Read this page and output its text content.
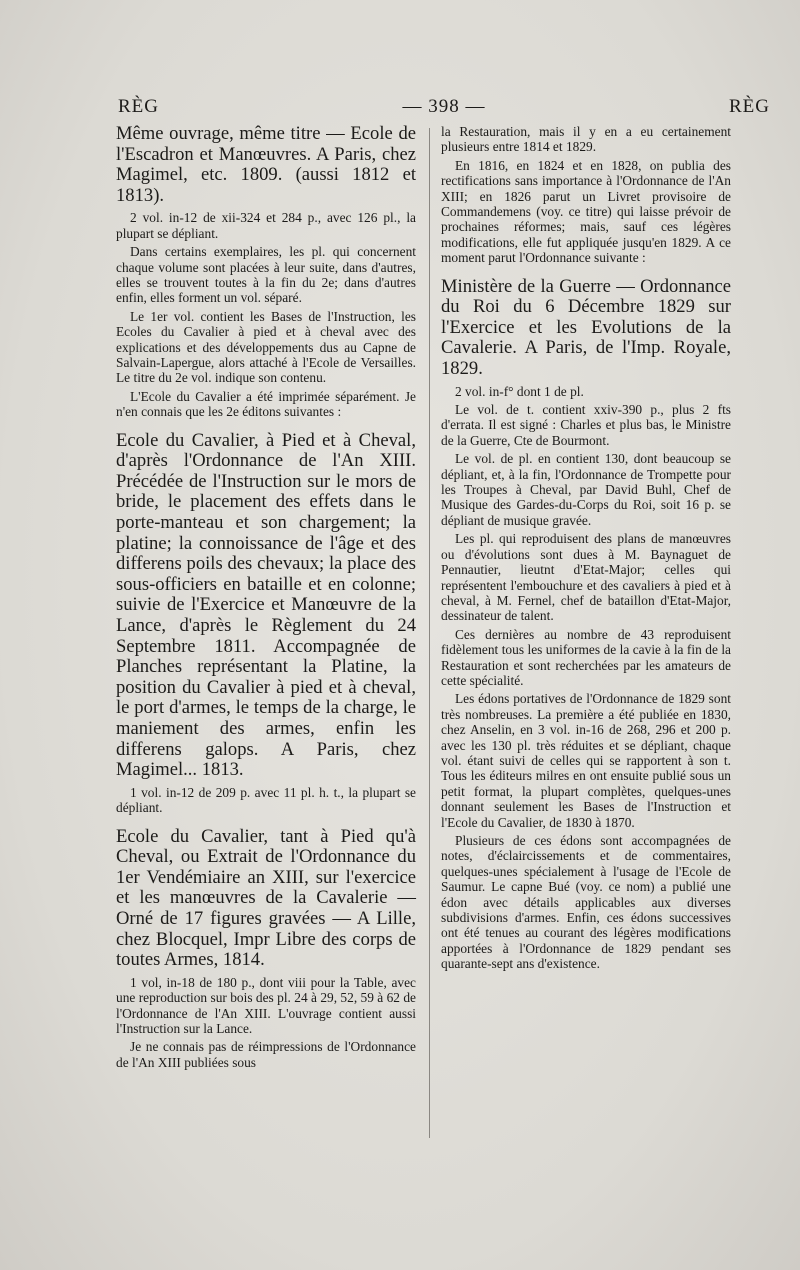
RÈG	— 398 —	RÈG

Même ouvrage, même titre — Ecole de l'Escadron et Manœuvres. A Paris, chez Magimel, etc. 1809. (aussi 1812 et 1813).

2 vol. in-12 de xii-324 et 284 p., avec 126 pl., la plupart se dépliant.

Dans certains exemplaires, les pl. qui concernent chaque volume sont placées à leur suite, dans d'autres, elles se trouvent toutes à la fin du 2e; dans d'autres enfin, elles forment un vol. séparé.

Le 1er vol. contient les Bases de l'Instruction, les Ecoles du Cavalier à pied et à cheval avec des explications et des développements dus au Capne de Salvain-Lapergue, alors attaché à l'Ecole de Versailles. Le titre du 2e vol. indique son contenu.

L'Ecole du Cavalier a été imprimée séparément. Je n'en connais que les 2e éditons suivantes :

Ecole du Cavalier, à Pied et à Cheval, d'après l'Ordonnance de l'An XIII. Précédée de l'Instruction sur le mors de bride, le placement des effets dans le porte-manteau et son chargement; la platine; la connoissance de l'âge et des differens poils des chevaux; la place des sous-officiers en bataille et en colonne; suivie de l'Exercice et Manœuvre de la Lance, d'après le Règlement du 24 Septembre 1811. Accompagnée de Planches représentant la Platine, la position du Cavalier à pied et à cheval, le port d'armes, le temps de la charge, le maniement des armes, enfin les differens galops. A Paris, chez Magimel... 1813.

1 vol. in-12 de 209 p. avec 11 pl. h. t., la plupart se dépliant.

Ecole du Cavalier, tant à Pied qu'à Cheval, ou Extrait de l'Ordonnance du 1er Vendémiaire an XIII, sur l'exercice et les manœuvres de la Cavalerie — Orné de 17 figures gravées — A Lille, chez Blocquel, Impr Libre des corps de toutes Armes, 1814.

1 vol, in-18 de 180 p., dont viii pour la Table, avec une reproduction sur bois des pl. 24 à 29, 52, 59 à 62 de l'Ordonnance de l'An XIII. L'ouvrage contient aussi l'Instruction sur la Lance.

Je ne connais pas de réimpressions de l'Ordonnance de l'An XIII publiées sous

la Restauration, mais il y en a eu certainement plusieurs entre 1814 et 1829.

En 1816, en 1824 et en 1828, on publia des rectifications sans importance à l'Ordonnance de l'An XIII; en 1826 parut un Livret provisoire de Commandemens (voy. ce titre) qui laisse prévoir de prochaines réformes; mais, sauf ces légères modifications, elle fut appliquée jusqu'en 1829. A ce moment parut l'Ordonnance suivante :

Ministère de la Guerre — Ordonnance du Roi du 6 Décembre 1829 sur l'Exercice et les Evolutions de la Cavalerie. A Paris, de l'Imp. Royale, 1829.

2 vol. in-f° dont 1 de pl.

Le vol. de t. contient xxiv-390 p., plus 2 fts d'errata. Il est signé : Charles et plus bas, le Ministre de la Guerre, Cte de Bourmont.

Le vol. de pl. en contient 130, dont beaucoup se dépliant, et, à la fin, l'Ordonnance de Trompette pour les Troupes à Cheval, par David Buhl, Chef de Musique des Gardes-du-Corps du Roi, soit 16 p. se dépliant de musique gravée.

Les pl. qui reproduisent des plans de manœuvres ou d'évolutions sont dues à M. Baynaguet de Pennautier, lieutnt d'Etat-Major; celles qui représentent l'embouchure et des cavaliers à pied et à cheval, à M. Fernel, chef de bataillon d'Etat-Major, dessinateur de talent.

Ces dernières au nombre de 43 reproduisent fidèlement tous les uniformes de la cavie à la fin de la Restauration et sont recherchées par les amateurs de cette spécialité.

Les édons portatives de l'Ordonnance de 1829 sont très nombreuses. La première a été publiée en 1830, chez Anselin, en 3 vol. in-16 de 268, 296 et 200 p. avec les 130 pl. très réduites et se dépliant, chaque vol. étant suivi de celles qui se rapportent à son t. Tous les éditeurs milres en ont ensuite publié sous un petit format, la plupart complètes, quelques-unes donnant seulement les Bases de l'Instruction et l'Ecole du Cavalier, de 1830 à 1870.

Plusieurs de ces édons sont accompagnées de notes, d'éclaircissements et de commentaires, quelques-unes spécialement à l'usage de l'Ecole de Saumur. Le capne Bué (voy. ce nom) a publié une édon avec détails applicables aux diverses subdivisions d'armes. Enfin, ces édons successives ont été tenues au courant des légères modifications apportées à l'Ordonnance de 1829 pendant ses quarante-sept ans d'existence.
